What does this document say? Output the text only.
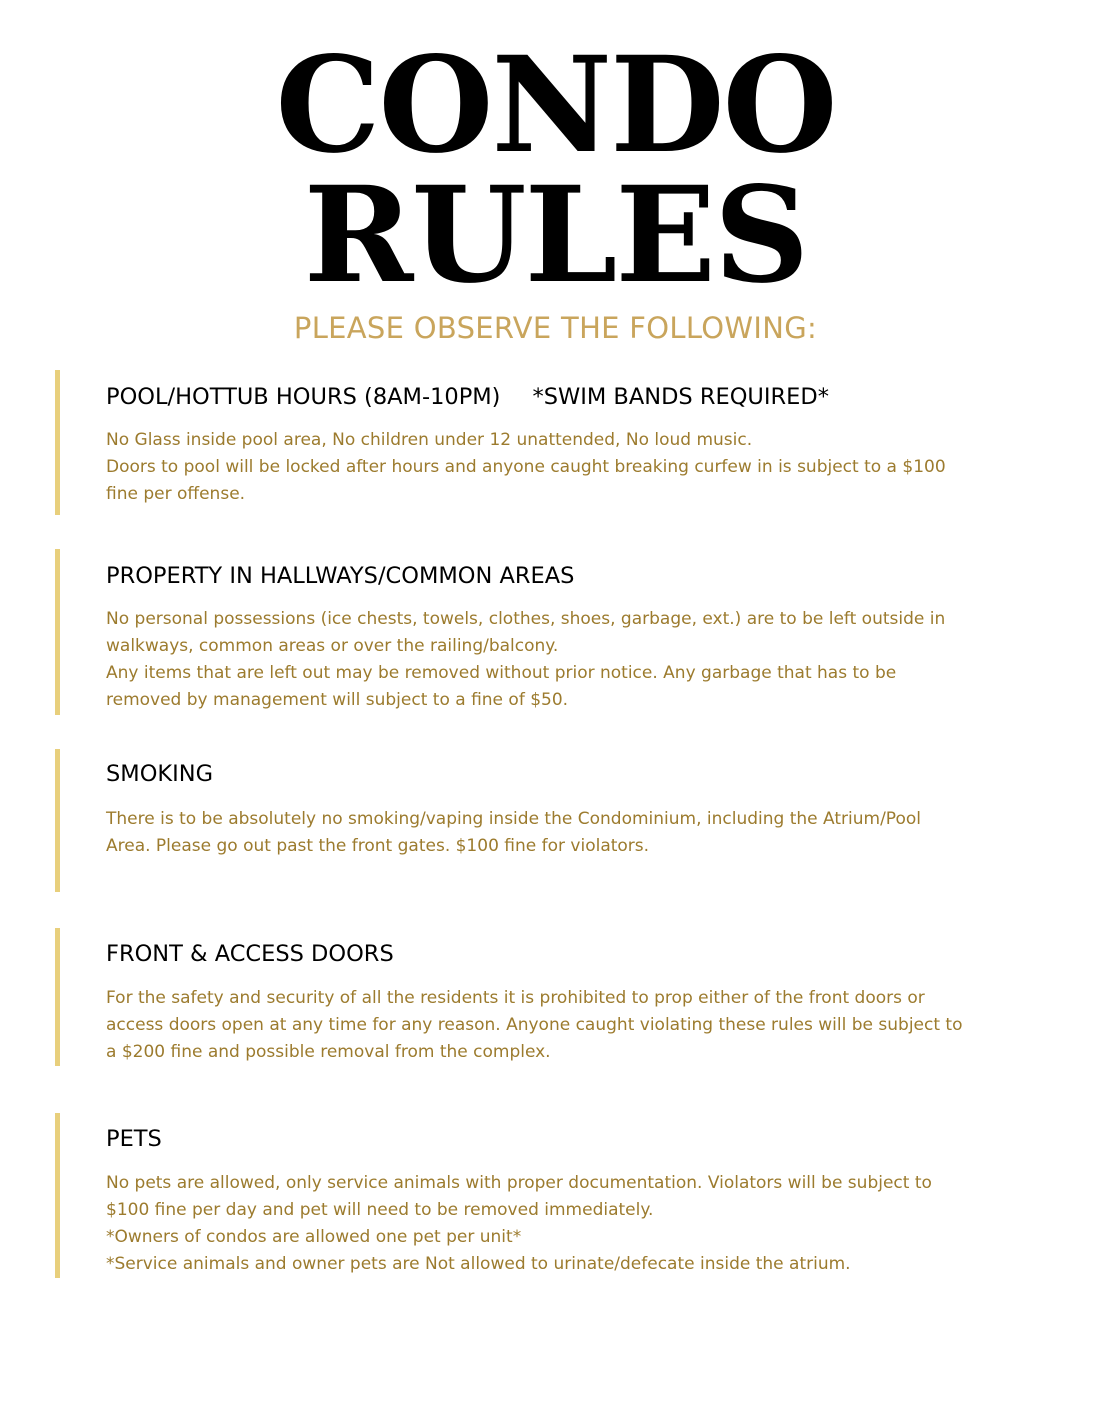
CONDO
RULES
PLEASE OBSERVE THE FOLLOWING:
POOL/HOTTUB HOURS (8AM-10PM) *SWIM BANDS REQUIRED*
No Glass inside pool area, No children under 12 unattended, No loud music.
Doors to pool will be locked after hours and anyone caught breaking curfew in is subject to a $100
fine per offense.
PROPERTY IN HALLWAYS/COMMON AREAS
No personal possessions (ice chests, towels, clothes, shoes, garbage, ext.) are to be left outside in
walkways, common areas or over the railing/balcony.
Any items that are left out may be removed without prior notice. Any garbage that has to be
removed by management will subject to a fine of $50.
SMOKING
There is to be absolutely no smoking/vaping inside the Condominium, including the Atrium/Pool
Area. Please go out past the front gates. $100 fine for violators.
FRONT & ACCESS DOORS
For the safety and security of all the residents it is prohibited to prop either of the front doors or
access doors open at any time for any reason. Anyone caught violating these rules will be subject to
a $200 fine and possible removal from the complex.
PETS
No pets are allowed, only service animals with proper documentation. Violators will be subject to
$100 fine per day and pet will need to be removed immediately.
*Owners of condos are allowed one pet per unit*
*Service animals and owner pets are Not allowed to urinate/defecate inside the atrium.
